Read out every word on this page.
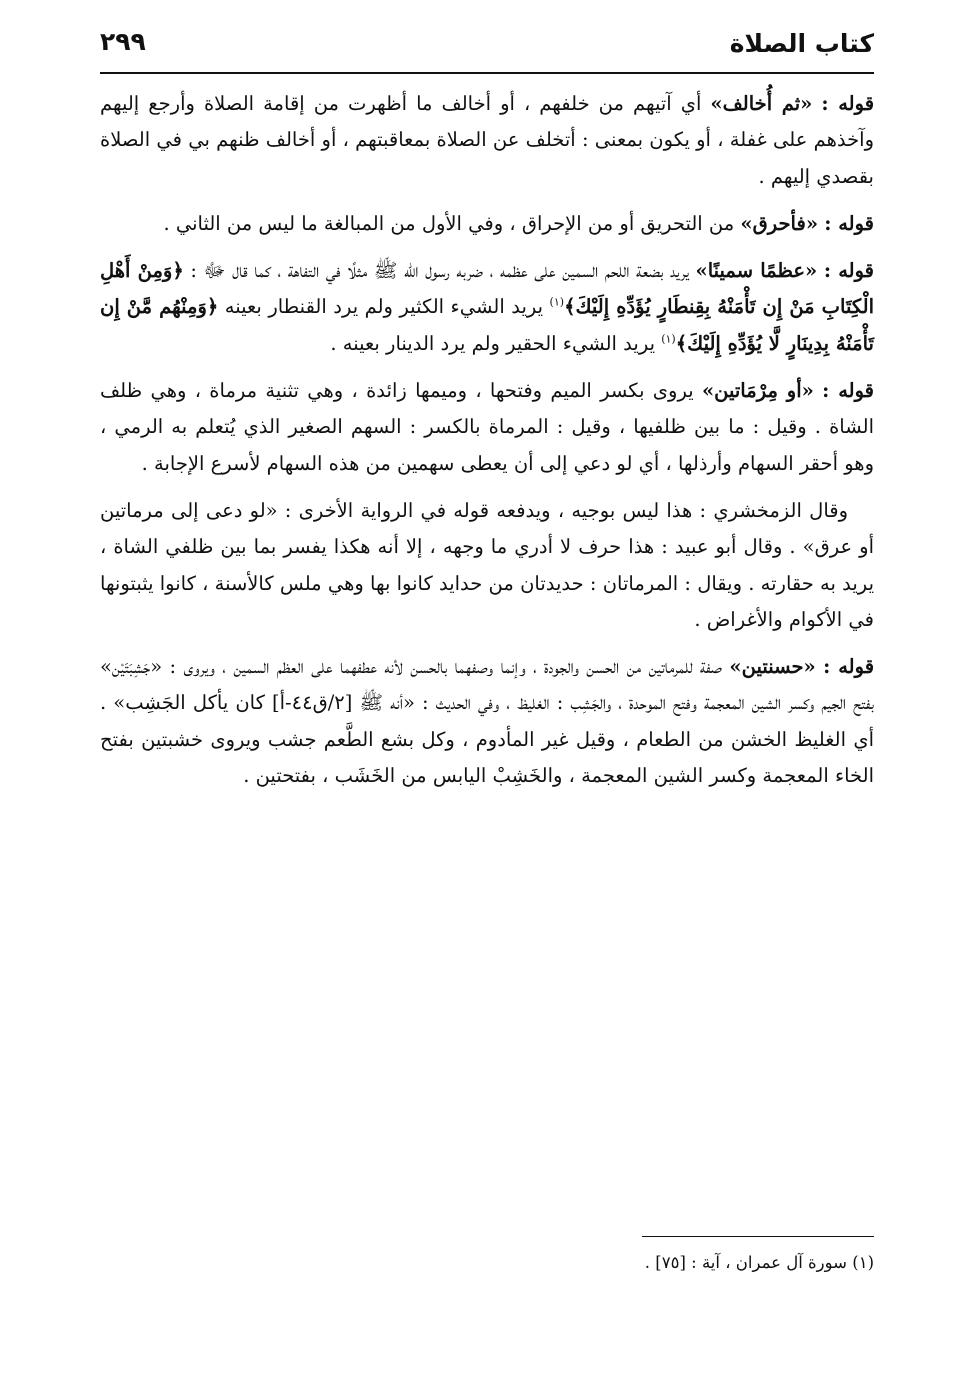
كتاب الصلاة
٢٩٩

قوله : «ثم أُخالف» أي آتيهم من خلفهم ، أو أخالف ما أظهرت من إقامة الصلاة وأرجع إليهم وآخذهم على غفلة ، أو يكون بمعنى : أتخلف عن الصلاة بمعاقبتهم ، أو أخالف ظنهم بي في الصلاة بقصدي إليهم .

قوله : «فأحرق» من التحريق أو من الإحراق ، وفي الأول من المبالغة ما ليس من الثاني .

قوله : «عظمًا سمينًا» يريد بضعة اللحم السمين على عظمه ، ضربه رسول الله ﷺ مثلًا في التفاهة ، كما قال ﷻ : ﴿وَمِنْ أَهْلِ الْكِتَابِ مَنْ إِن تَأْمَنْهُ بِقِنطَارٍ يُؤَدِّهِ إِلَيْكَ﴾$^{(١)}$ يريد الشيء الكثير ولم يرد القنطار بعينه ﴿وَمِنْهُم مَّنْ إِن تَأْمَنْهُ بِدِينَارٍ لَّا يُؤَدِّهِ إِلَيْكَ﴾$^{(١)}$ يريد الشيء الحقير ولم يرد الدينار بعينه .

قوله : «أو مِرْمَاتين» يروى بكسر الميم وفتحها ، وميمها زائدة ، وهي تثنية مرماة ، وهي ظلف الشاة . وقيل : ما بين ظلفيها ، وقيل : المرماة بالكسر : السهم الصغير الذي يُتعلم به الرمي ، وهو أحقر السهام وأرذلها ، أي لو دعي إلى أن يعطى سهمين من هذه السهام لأسرع الإجابة .

وقال الزمخشري : هذا ليس بوجيه ، ويدفعه قوله في الرواية الأخرى : «لو دعى إلى مرماتين أو عرق» . وقال أبو عبيد : هذا حرف لا أدري ما وجهه ، إلا أنه هكذا يفسر بما بين ظلفي الشاة ، يريد به حقارته . ويقال : المرماتان : حديدتان من حدايد كانوا بها وهي ملس كالأسنة ، كانوا يثبتونها في الأكوام والأغراض .

قوله : «حسنتين» صفة للمرماتين من الحسن والجودة ، وإنما وصفهما بالحسن لأنه عطفهما على العظم السمين ، ويروى : «جَشِبَتَيْن» بفتح الجيم وكسر الشين المعجمة وفتح الموحدة ، والجَشِب : الغليظ ، وفي الحديث : «أنه ﷺ [٢/ق٤٤-أ] كان يأكل الجَشِب» . أي الغليظ الخشن من الطعام ، وقيل غير المأدوم ، وكل بشع الطَّعم جشب ويروى خشبتين بفتح الخاء المعجمة وكسر الشين المعجمة ، والخَشِبْ اليابس من الخَشَب ، بفتحتين .

(١) سورة آل عمران ، آية : [٧٥] .
